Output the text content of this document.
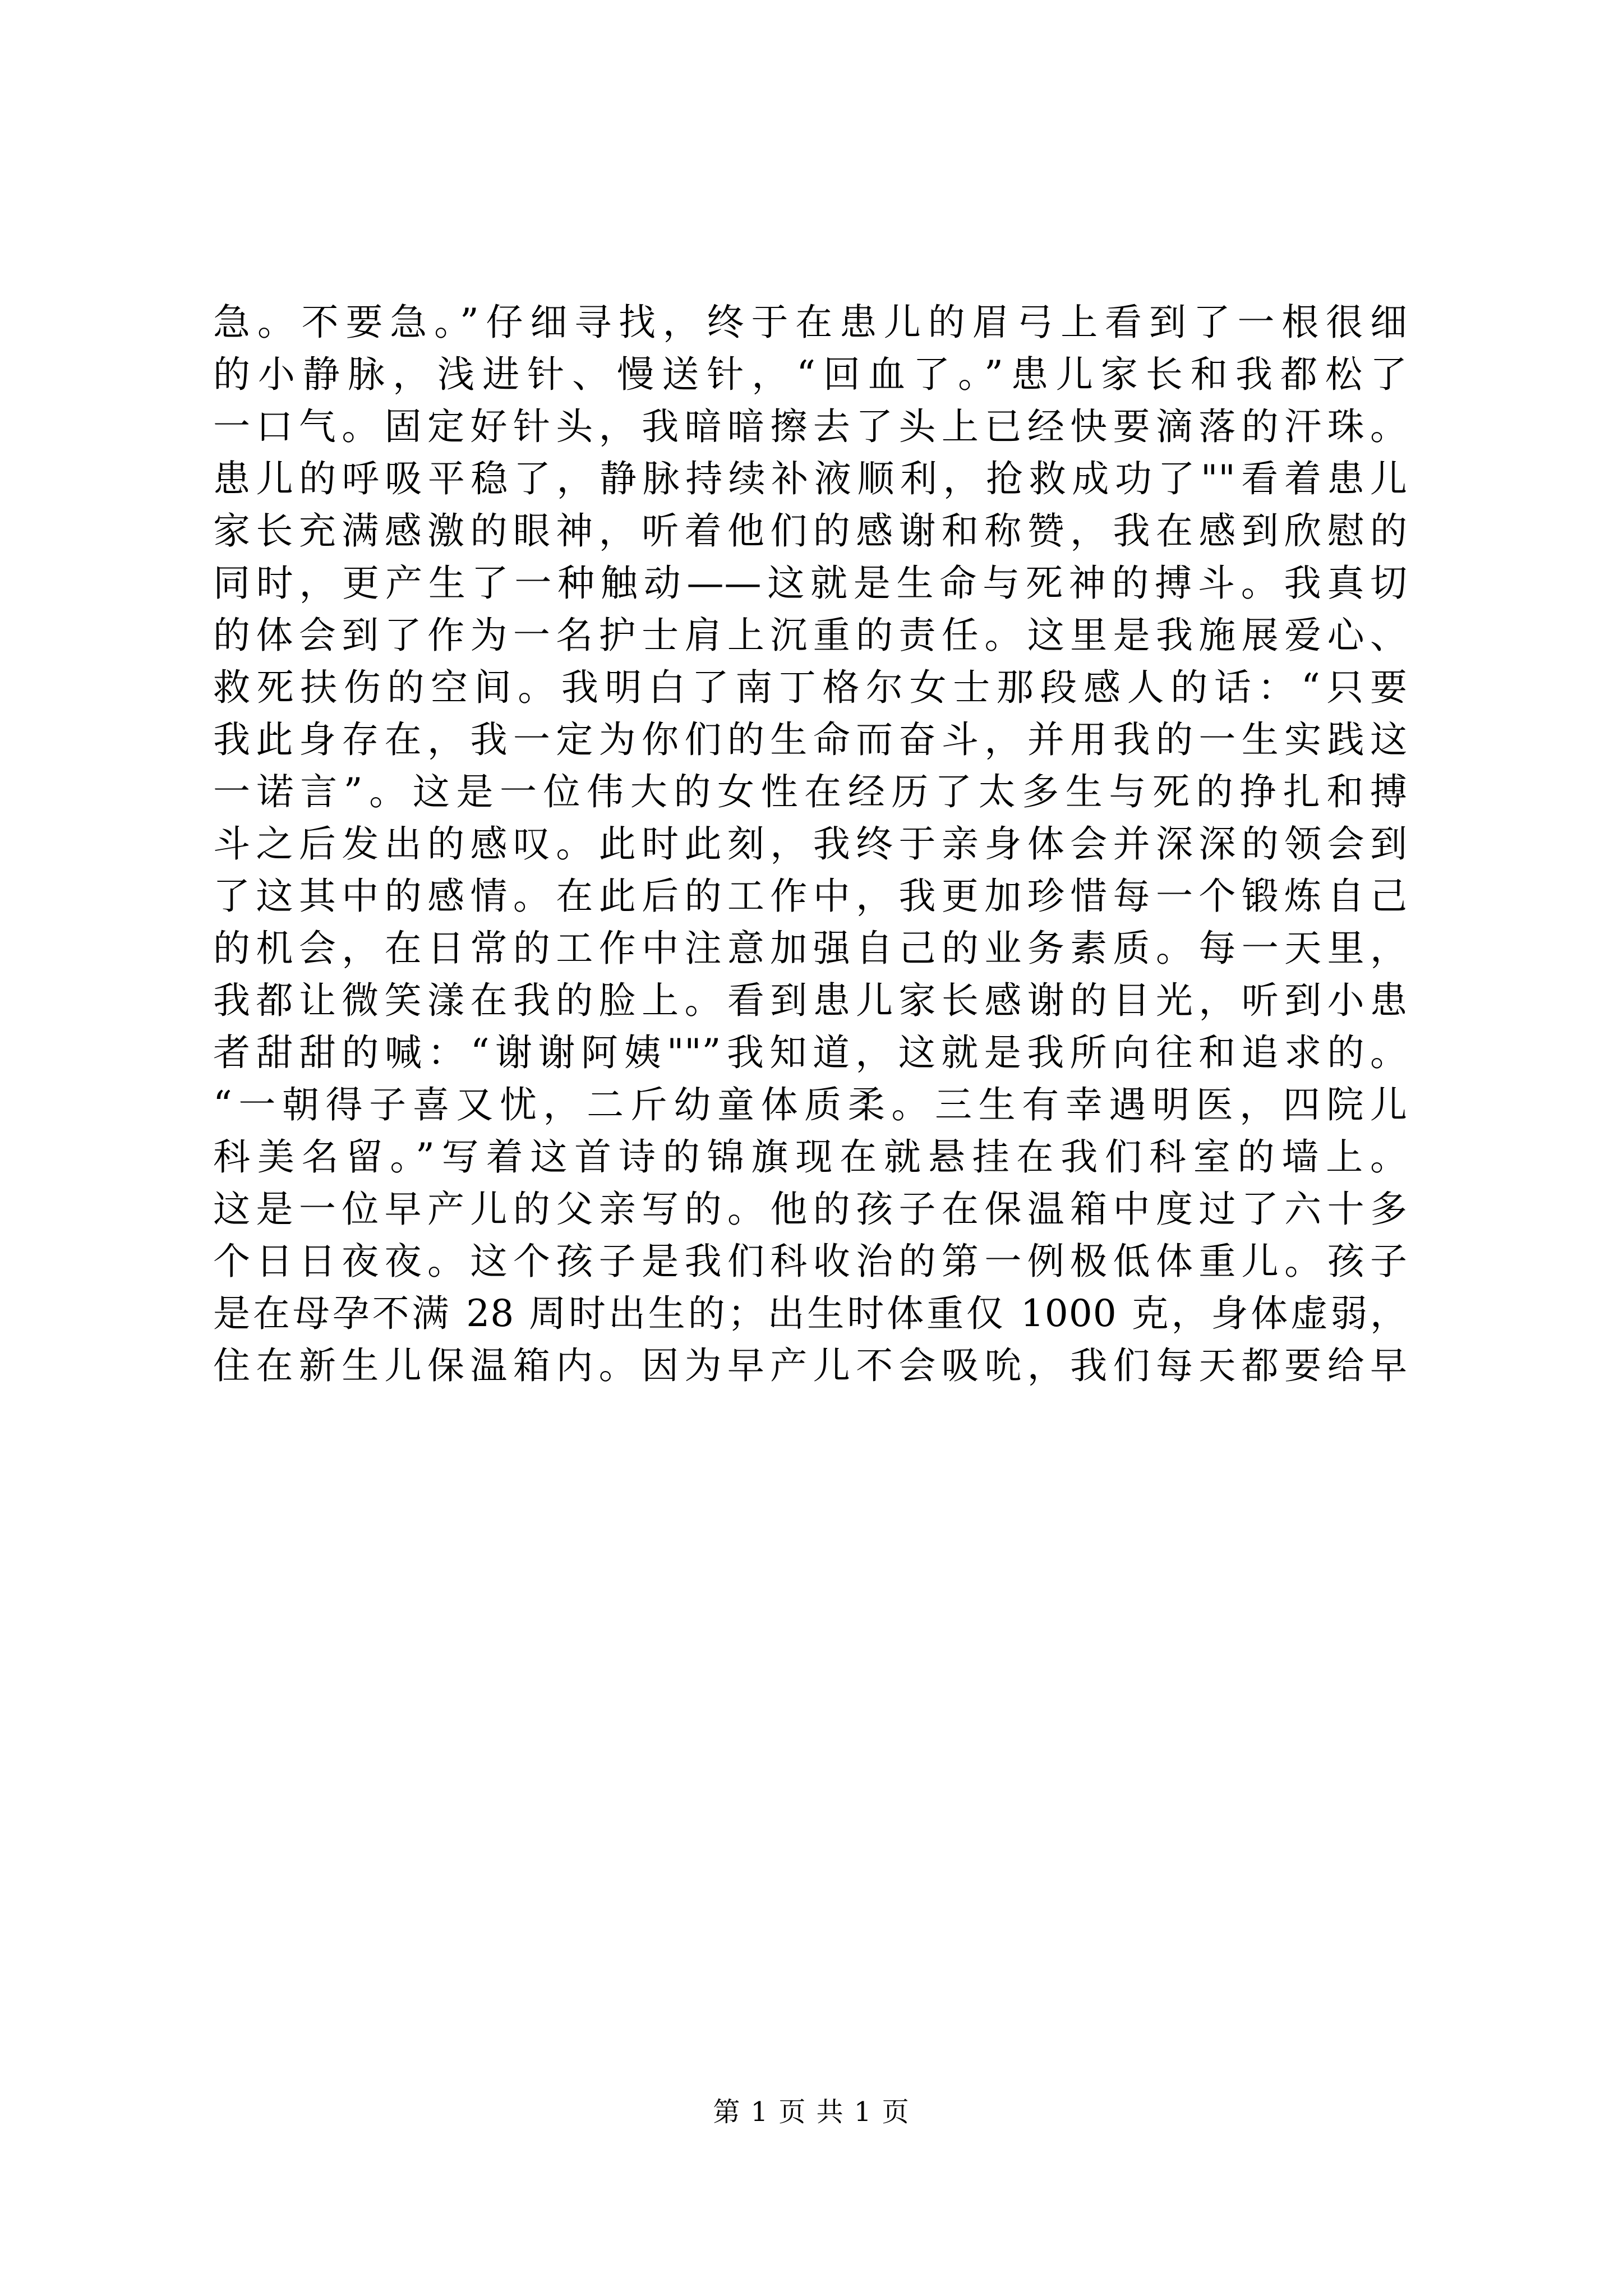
急。不要急。”仔细寻找，终于在患儿的眉弓上看到了一根很细
的小静脉，浅进针、慢送针，“回血了。”患儿家长和我都松了
一口气。固定好针头，我暗暗擦去了头上已经快要滴落的汗珠。
患儿的呼吸平稳了，静脉持续补液顺利，抢救成功了""看着患儿
家长充满感激的眼神，听着他们的感谢和称赞，我在感到欣慰的
同时，更产生了一种触动——这就是生命与死神的搏斗。我真切
的体会到了作为一名护士肩上沉重的责任。这里是我施展爱心、
救死扶伤的空间。我明白了南丁格尔女士那段感人的话：“只要
我此身存在，我一定为你们的生命而奋斗，并用我的一生实践这
一诺言”。这是一位伟大的女性在经历了太多生与死的挣扎和搏
斗之后发出的感叹。此时此刻，我终于亲身体会并深深的领会到
了这其中的感情。在此后的工作中，我更加珍惜每一个锻炼自己
的机会，在日常的工作中注意加强自己的业务素质。每一天里，
我都让微笑漾在我的脸上。看到患儿家长感谢的目光，听到小患
者甜甜的喊：“谢谢阿姨""”我知道，这就是我所向往和追求的。
“一朝得子喜又忧，二斤幼童体质柔。三生有幸遇明医，四院儿
科美名留。”写着这首诗的锦旗现在就悬挂在我们科室的墙上。
这是一位早产儿的父亲写的。他的孩子在保温箱中度过了六十多
个日日夜夜。这个孩子是我们科收治的第一例极低体重儿。孩子
是在母孕不满 28 周时出生的；出生时体重仅 1000 克，身体虚弱，
住在新生儿保温箱内。因为早产儿不会吸吮，我们每天都要给早
第 1 页 共 1 页
